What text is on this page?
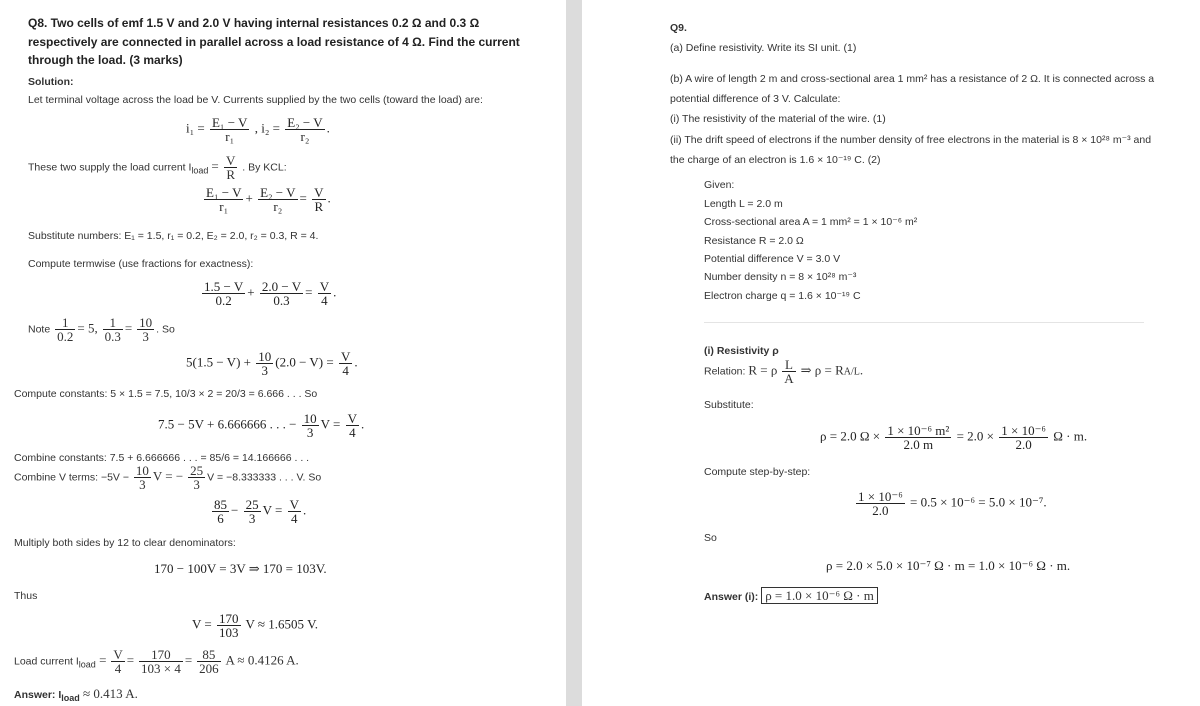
Q8. Two cells of emf 1.5 V and 2.0 V having internal resistances 0.2 Ω and 0.3 Ω
respectively are connected in parallel across a load resistance of 4 Ω. Find the current
through the load. (3 marks)
Solution:
Let terminal voltage across the load be V. Currents supplied by the two cells (toward the load) are:
$i_1 = \frac{\text{E₁ − V}}{\text{r₁}}$ , $i_2 = \frac{\text{E₂ − V}}{\text{r₂}}$ .
These two supply the load current $I_{load} = \frac{V}{R}$ . By KCL:
$\frac{\text{E₁ − V}}{\text{r₁}} + \frac{\text{E₂ − V}}{\text{r₂}} = \frac{V}{R}$ .
Substitute numbers: E₁ = 1.5, r₁ = 0.2, E₂ = 2.0, r₂ = 0.3, R = 4.
Compute termwise (use fractions for exactness):
$\frac{1.5 - V}{0.2} + \frac{2.0 - V}{0.3} = \frac{V}{4}$ .
Note $\frac{1}{0.2} = 5$, $\frac{1}{0.3} = \frac{10}{3}$ . So
$5(1.5 - V) + \frac{10}{3} (2.0 - V) = \frac{V}{4}$ .
Compute constants: 5 × 1.5 = 7.5, 10/3 × 2 = 20/3 = 6.666 . . . So
7.5 − 5V + 6.666666 . . . − $\frac{10}{3}$ $V = \frac{V}{4}$ .
Combine constants: 7.5 + 6.666666 . . . = 85/6 = 14.166666 . . .
Combine V terms: $-5V - \frac{10}{3}$ V = − $\frac{25}{3}$ V = −8.333333 . . . V. So
$\frac{85}{6} - \frac{25}{3}$ $V = \frac{V}{4}$ .
Multiply both sides by 12 to clear denominators:
170 − 100V = 3V ⇒ 170 = 103V.
Thus
$V = \frac{170}{103}$ V ≈ 1.6505 V.
Load current $I_{load} = \frac{V}{4} = \frac{170}{103 \times 4} = \frac{85}{206}$ A ≈ 0.4126 A.
Answer: $I_{load} \approx 0.413$ A.
Q9.
(a) Define resistivity. Write its SI unit. (1)
(b) A wire of length 2 m and cross-sectional area 1 mm² has a resistance of 2 Ω. It is connected across a
potential difference of 3 V. Calculate:
(i) The resistivity of the material of the wire. (1)
(ii) The drift speed of electrons if the number density of free electrons in the material is 8 × 10²⁸ m⁻³ and
the charge of an electron is 1.6 × 10⁻¹⁹ C. (2)
Given:
Length L = 2.0 m
Cross-sectional area A = 1 mm² = 1 × 10⁻⁶ m²
Resistance R = 2.0 Ω
Potential difference V = 3.0 V
Number density n = 8 × 10²⁸ m⁻³
Electron charge q = 1.6 × 10⁻¹⁹ C
(i) Resistivity ρ
Relation: R = ρ $\frac{L}{A}$ ⇒ ρ = RA/L.
Substitute:
ρ = 2.0 $\Omega \times \frac{\text{1 × 10⁻⁶ m²}}{2.0 m} = 2.0 \times \frac{\text{1 × 10⁻⁶}}{2.0}$ Ω · m.
Compute step-by-step:
$\frac{\text{1 × 10⁻⁶}}{2.0} = 0.5 \times 10^{-6} = 5.0 \times 10^{-7}$.
So
ρ = 2.0 × 5.0 × 10⁻⁷ Ω · m = 1.0 × 10⁻⁶ Ω · m.
Answer (i): ρ = 1.0 × 10⁻⁶ Ω · m
